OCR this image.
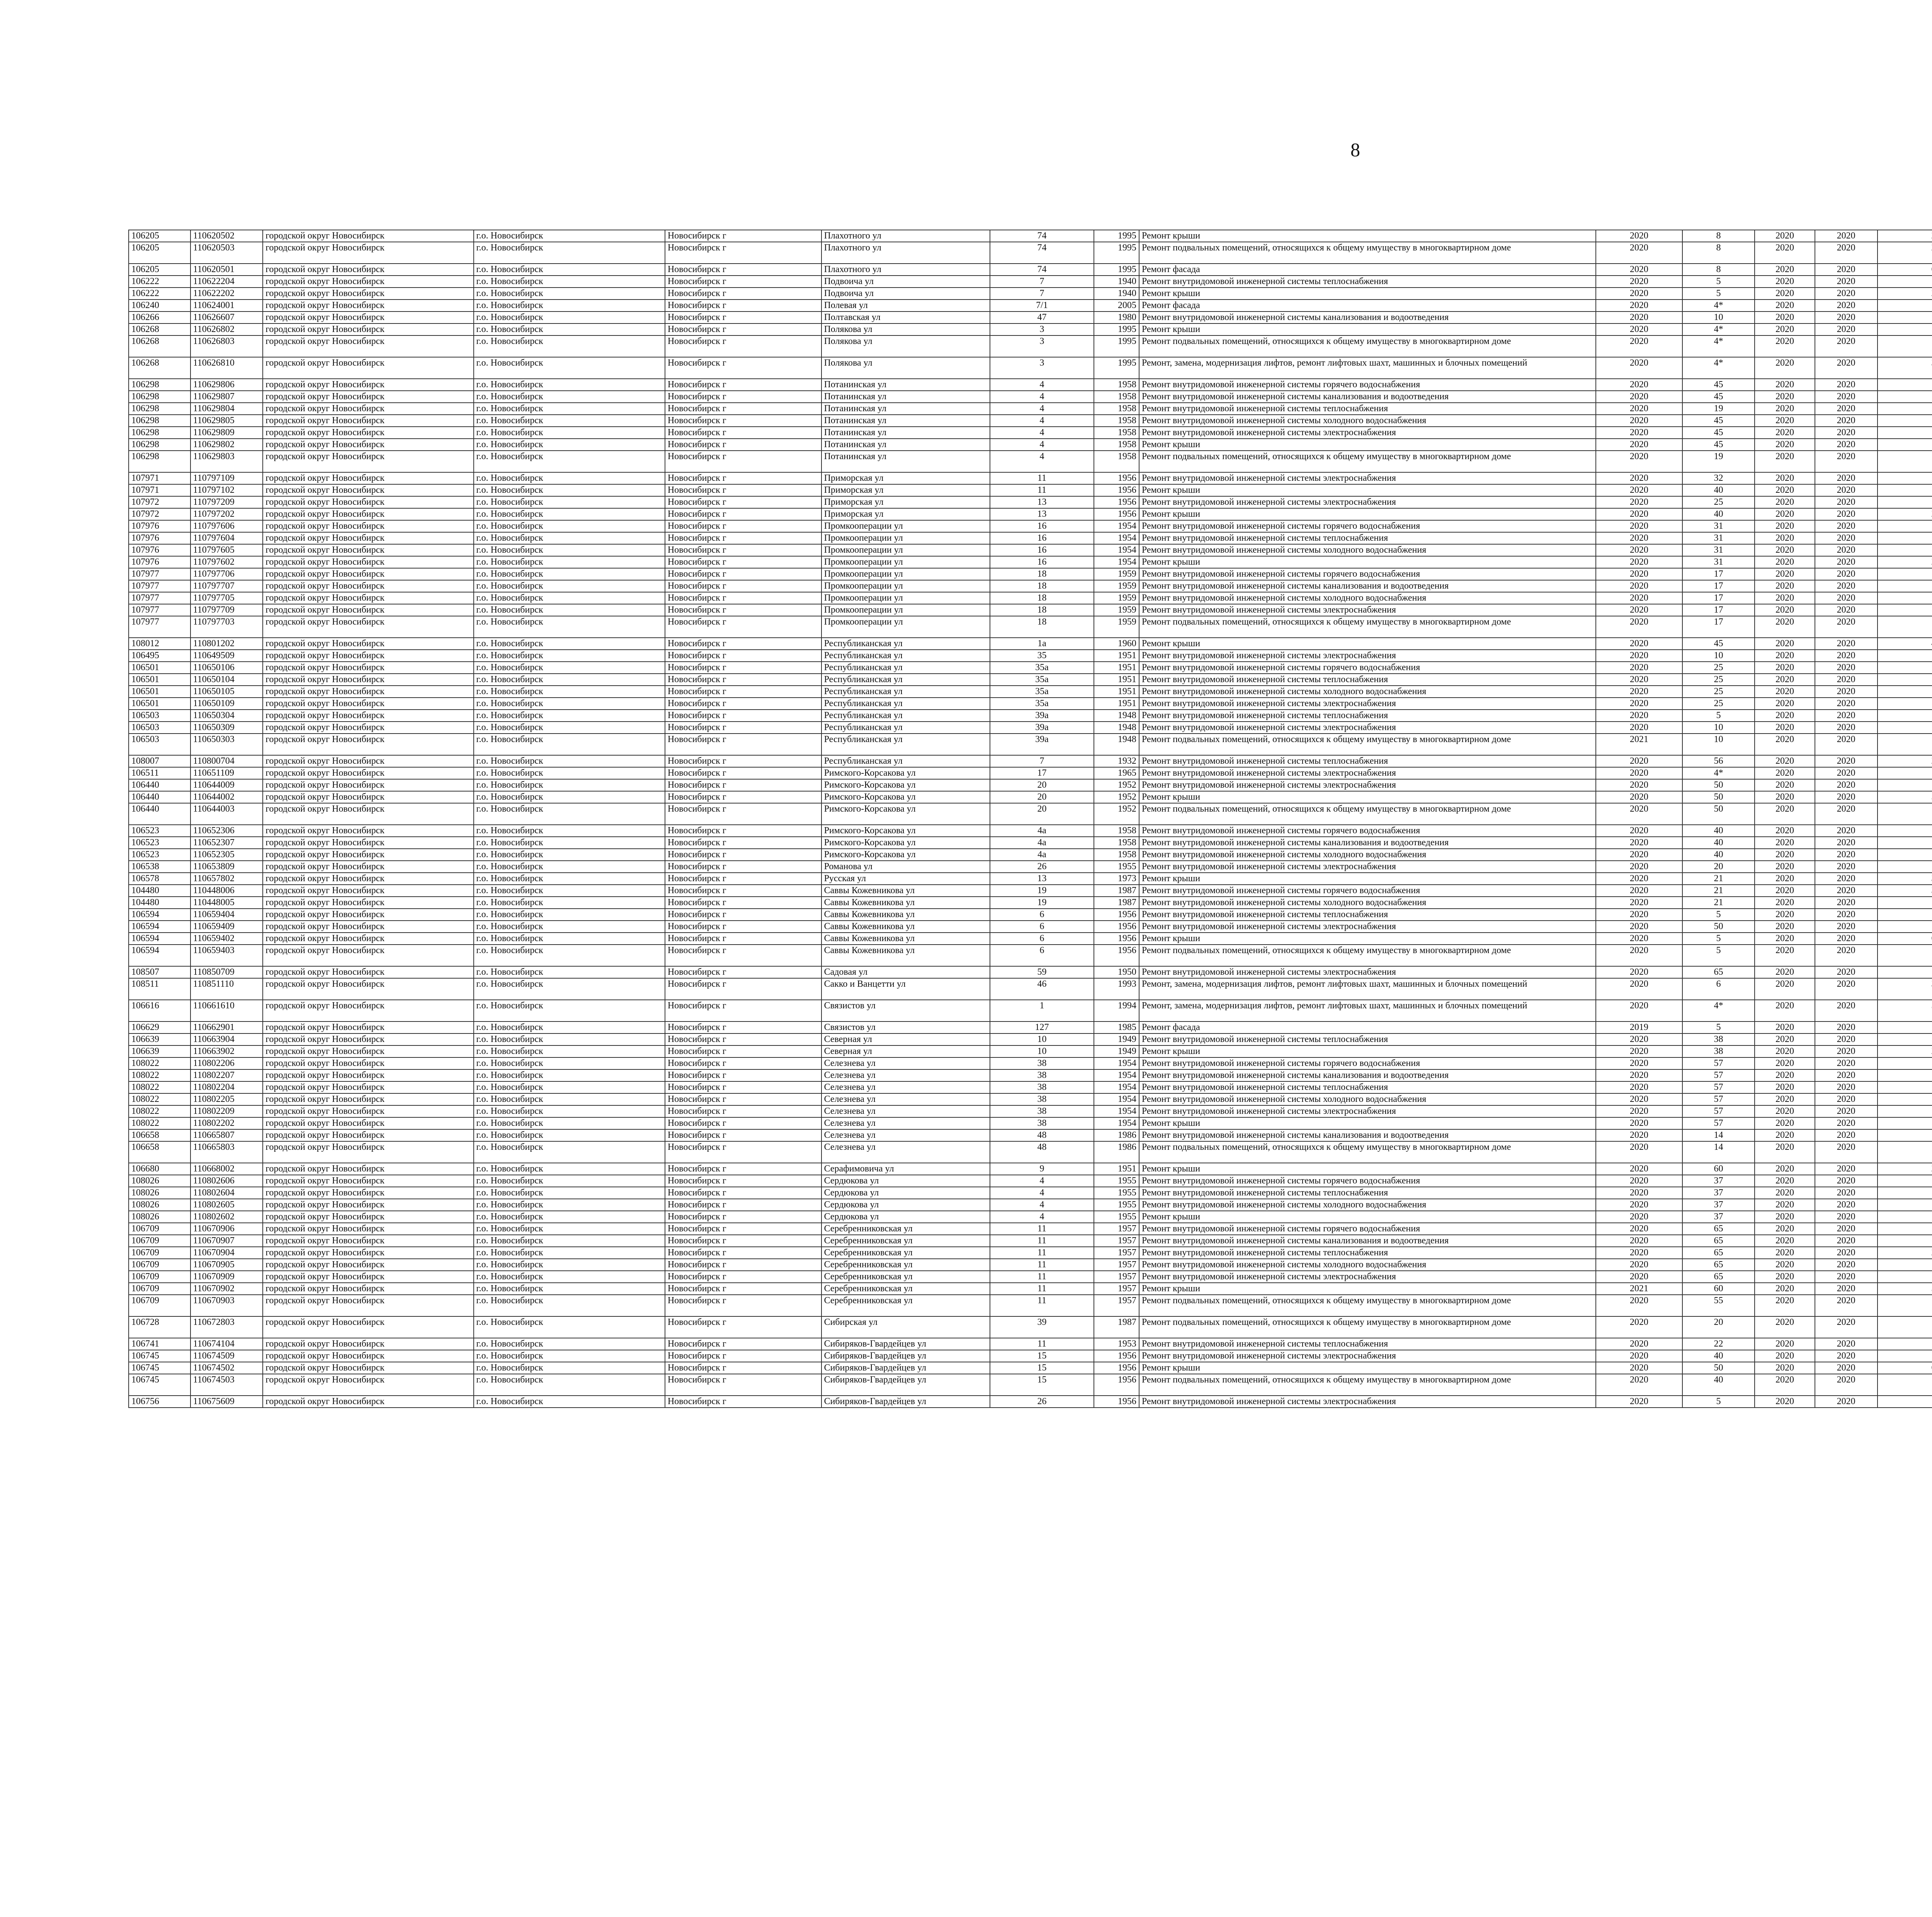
8
106205	110620502	городской округ Новосибирск	г.о. Новосибирск	Новосибирск г	Плахотного ул	74	1995	Ремонт крыши	2020	8	2020	2020							
106205	110620503	городской округ Новосибирск	г.о. Новосибирск	Новосибирск г	Плахотного ул	74	1995	Ремонт подвальных помещений, относящихся к общему имуществу в многоквартирном доме	2020	8	2020	2020							
106205	110620501	городской округ Новосибирск	г.о. Новосибирск	Новосибирск г	Плахотного ул	74	1995	Ремонт фасада	2020	8	2020	2020							
106222	110622204	городской округ Новосибирск	г.о. Новосибирск	Новосибирск г	Подвоича ул	7	1940	Ремонт внутридомовой инженерной системы теплоснабжения	2020	5	2020	2020							
106222	110622202	городской округ Новосибирск	г.о. Новосибирск	Новосибирск г	Подвоича ул	7	1940	Ремонт крыши	2020	5	2020	2020							
106240	110624001	городской округ Новосибирск	г.о. Новосибирск	Новосибирск г	Полевая ул	7/1	2005	Ремонт фасада	2020	4*	2020	2020							
106266	110626607	городской округ Новосибирск	г.о. Новосибирск	Новосибирск г	Полтавская ул	47	1980	Ремонт внутридомовой инженерной системы канализования и водоотведения	2020	10	2020	2020							
106268	110626802	городской округ Новосибирск	г.о. Новосибирск	Новосибирск г	Полякова ул	3	1995	Ремонт крыши	2020	4*	2020	2020							
106268	110626803	городской округ Новосибирск	г.о. Новосибирск	Новосибирск г	Полякова ул	3	1995	Ремонт подвальных помещений, относящихся к общему имуществу в многоквартирном доме	2020	4*	2020	2020							
106268	110626810	городской округ Новосибирск	г.о. Новосибирск	Новосибирск г	Полякова ул	3	1995	Ремонт, замена, модернизация лифтов, ремонт лифтовых шахт, машинных и блочных помещений	2020	4*	2020	2020							
106298	110629806	городской округ Новосибирск	г.о. Новосибирск	Новосибирск г	Потанинская ул	4	1958	Ремонт внутридомовой инженерной системы горячего водоснабжения	2020	45	2020	2020							
106298	110629807	городской округ Новосибирск	г.о. Новосибирск	Новосибирск г	Потанинская ул	4	1958	Ремонт внутридомовой инженерной системы канализования и водоотведения	2020	45	2020	2020							
106298	110629804	городской округ Новосибирск	г.о. Новосибирск	Новосибирск г	Потанинская ул	4	1958	Ремонт внутридомовой инженерной системы теплоснабжения	2020	19	2020	2020							
106298	110629805	городской округ Новосибирск	г.о. Новосибирск	Новосибирск г	Потанинская ул	4	1958	Ремонт внутридомовой инженерной системы холодного водоснабжения	2020	45	2020	2020							
106298	110629809	городской округ Новосибирск	г.о. Новосибирск	Новосибирск г	Потанинская ул	4	1958	Ремонт внутридомовой инженерной системы электроснабжения	2020	45	2020	2020							
106298	110629802	городской округ Новосибирск	г.о. Новосибирск	Новосибирск г	Потанинская ул	4	1958	Ремонт крыши	2020	45	2020	2020							
106298	110629803	городской округ Новосибирск	г.о. Новосибирск	Новосибирск г	Потанинская ул	4	1958	Ремонт подвальных помещений, относящихся к общему имуществу в многоквартирном доме	2020	19	2020	2020							
107971	110797109	городской округ Новосибирск	г.о. Новосибирск	Новосибирск г	Приморская ул	11	1956	Ремонт внутридомовой инженерной системы электроснабжения	2020	32	2020	2020							
107971	110797102	городской округ Новосибирск	г.о. Новосибирск	Новосибирск г	Приморская ул	11	1956	Ремонт крыши	2020	40	2020	2020							
107972	110797209	городской округ Новосибирск	г.о. Новосибирск	Новосибирск г	Приморская ул	13	1956	Ремонт внутридомовой инженерной системы электроснабжения	2020	25	2020	2020							
107972	110797202	городской округ Новосибирск	г.о. Новосибирск	Новосибирск г	Приморская ул	13	1956	Ремонт крыши	2020	40	2020	2020							
107976	110797606	городской округ Новосибирск	г.о. Новосибирск	Новосибирск г	Промкооперации ул	16	1954	Ремонт внутридомовой инженерной системы горячего водоснабжения	2020	31	2020	2020							
107976	110797604	городской округ Новосибирск	г.о. Новосибирск	Новосибирск г	Промкооперации ул	16	1954	Ремонт внутридомовой инженерной системы теплоснабжения	2020	31	2020	2020							
107976	110797605	городской округ Новосибирск	г.о. Новосибирск	Новосибирск г	Промкооперации ул	16	1954	Ремонт внутридомовой инженерной системы холодного водоснабжения	2020	31	2020	2020							
107976	110797602	городской округ Новосибирск	г.о. Новосибирск	Новосибирск г	Промкооперации ул	16	1954	Ремонт крыши	2020	31	2020	2020							
107977	110797706	городской округ Новосибирск	г.о. Новосибирск	Новосибирск г	Промкооперации ул	18	1959	Ремонт внутридомовой инженерной системы горячего водоснабжения	2020	17	2020	2020							
107977	110797707	городской округ Новосибирск	г.о. Новосибирск	Новосибирск г	Промкооперации ул	18	1959	Ремонт внутридомовой инженерной системы канализования и водоотведения	2020	17	2020	2020							
107977	110797705	городской округ Новосибирск	г.о. Новосибирск	Новосибирск г	Промкооперации ул	18	1959	Ремонт внутридомовой инженерной системы холодного водоснабжения	2020	17	2020	2020							
107977	110797709	городской округ Новосибирск	г.о. Новосибирск	Новосибирск г	Промкооперации ул	18	1959	Ремонт внутридомовой инженерной системы электроснабжения	2020	17	2020	2020							
107977	110797703	городской округ Новосибирск	г.о. Новосибирск	Новосибирск г	Промкооперации ул	18	1959	Ремонт подвальных помещений, относящихся к общему имуществу в многоквартирном доме	2020	17	2020	2020							
108012	110801202	городской округ Новосибирск	г.о. Новосибирск	Новосибирск г	Республиканская ул	1а	1960	Ремонт крыши	2020	45	2020	2020							
106495	110649509	городской округ Новосибирск	г.о. Новосибирск	Новосибирск г	Республиканская ул	35	1951	Ремонт внутридомовой инженерной системы электроснабжения	2020	10	2020	2020							
106501	110650106	городской округ Новосибирск	г.о. Новосибирск	Новосибирск г	Республиканская ул	35а	1951	Ремонт внутридомовой инженерной системы горячего водоснабжения	2020	25	2020	2020							
106501	110650104	городской округ Новосибирск	г.о. Новосибирск	Новосибирск г	Республиканская ул	35а	1951	Ремонт внутридомовой инженерной системы теплоснабжения	2020	25	2020	2020							
106501	110650105	городской округ Новосибирск	г.о. Новосибирск	Новосибирск г	Республиканская ул	35а	1951	Ремонт внутридомовой инженерной системы холодного водоснабжения	2020	25	2020	2020							
106501	110650109	городской округ Новосибирск	г.о. Новосибирск	Новосибирск г	Республиканская ул	35а	1951	Ремонт внутридомовой инженерной системы электроснабжения	2020	25	2020	2020							
106503	110650304	городской округ Новосибирск	г.о. Новосибирск	Новосибирск г	Республиканская ул	39а	1948	Ремонт внутридомовой инженерной системы теплоснабжения	2020	5	2020	2020							
106503	110650309	городской округ Новосибирск	г.о. Новосибирск	Новосибирск г	Республиканская ул	39а	1948	Ремонт внутридомовой инженерной системы электроснабжения	2020	10	2020	2020							
106503	110650303	городской округ Новосибирск	г.о. Новосибирск	Новосибирск г	Республиканская ул	39а	1948	Ремонт подвальных помещений, относящихся к общему имуществу в многоквартирном доме	2021	10	2020	2020							
108007	110800704	городской округ Новосибирск	г.о. Новосибирск	Новосибирск г	Республиканская ул	7	1932	Ремонт внутридомовой инженерной системы теплоснабжения	2020	56	2020	2020							
106511	110651109	городской округ Новосибирск	г.о. Новосибирск	Новосибирск г	Римского-Корсакова ул	17	1965	Ремонт внутридомовой инженерной системы электроснабжения	2020	4*	2020	2020							
106440	110644009	городской округ Новосибирск	г.о. Новосибирск	Новосибирск г	Римского-Корсакова ул	20	1952	Ремонт внутридомовой инженерной системы электроснабжения	2020	50	2020	2020							
106440	110644002	городской округ Новосибирск	г.о. Новосибирск	Новосибирск г	Римского-Корсакова ул	20	1952	Ремонт крыши	2020	50	2020	2020							
106440	110644003	городской округ Новосибирск	г.о. Новосибирск	Новосибирск г	Римского-Корсакова ул	20	1952	Ремонт подвальных помещений, относящихся к общему имуществу в многоквартирном доме	2020	50	2020	2020							
106523	110652306	городской округ Новосибирск	г.о. Новосибирск	Новосибирск г	Римского-Корсакова ул	4а	1958	Ремонт внутридомовой инженерной системы горячего водоснабжения	2020	40	2020	2020							
106523	110652307	городской округ Новосибирск	г.о. Новосибирск	Новосибирск г	Римского-Корсакова ул	4а	1958	Ремонт внутридомовой инженерной системы канализования и водоотведения	2020	40	2020	2020							
106523	110652305	городской округ Новосибирск	г.о. Новосибирск	Новосибирск г	Римского-Корсакова ул	4а	1958	Ремонт внутридомовой инженерной системы холодного водоснабжения	2020	40	2020	2020							
106538	110653809	городской округ Новосибирск	г.о. Новосибирск	Новосибирск г	Романова ул	26	1955	Ремонт внутридомовой инженерной системы электроснабжения	2020	20	2020	2020							
106578	110657802	городской округ Новосибирск	г.о. Новосибирск	Новосибирск г	Русская ул	13	1973	Ремонт крыши	2020	21	2020	2020							
104480	110448006	городской округ Новосибирск	г.о. Новосибирск	Новосибирск г	Саввы Кожевникова ул	19	1987	Ремонт внутридомовой инженерной системы горячего водоснабжения	2020	21	2020	2020							
104480	110448005	городской округ Новосибирск	г.о. Новосибирск	Новосибирск г	Саввы Кожевникова ул	19	1987	Ремонт внутридомовой инженерной системы холодного водоснабжения	2020	21	2020	2020							
106594	110659404	городской округ Новосибирск	г.о. Новосибирск	Новосибирск г	Саввы Кожевникова ул	6	1956	Ремонт внутридомовой инженерной системы теплоснабжения	2020	5	2020	2020							
106594	110659409	городской округ Новосибирск	г.о. Новосибирск	Новосибирск г	Саввы Кожевникова ул	6	1956	Ремонт внутридомовой инженерной системы электроснабжения	2020	50	2020	2020							
106594	110659402	городской округ Новосибирск	г.о. Новосибирск	Новосибирск г	Саввы Кожевникова ул	6	1956	Ремонт крыши	2020	5	2020	2020							
106594	110659403	городской округ Новосибирск	г.о. Новосибирск	Новосибирск г	Саввы Кожевникова ул	6	1956	Ремонт подвальных помещений, относящихся к общему имуществу в многоквартирном доме	2020	5	2020	2020							
108507	110850709	городской округ Новосибирск	г.о. Новосибирск	Новосибирск г	Садовая ул	59	1950	Ремонт внутридомовой инженерной системы электроснабжения	2020	65	2020	2020							
108511	110851110	городской округ Новосибирск	г.о. Новосибирск	Новосибирск г	Сакко и Ванцетти ул	46	1993	Ремонт, замена, модернизация лифтов, ремонт лифтовых шахт, машинных и блочных помещений	2020	6	2020	2020							
106616	110661610	городской округ Новосибирск	г.о. Новосибирск	Новосибирск г	Связистов ул	1	1994	Ремонт, замена, модернизация лифтов, ремонт лифтовых шахт, машинных и блочных помещений	2020	4*	2020	2020							
106629	110662901	городской округ Новосибирск	г.о. Новосибирск	Новосибирск г	Связистов ул	127	1985	Ремонт фасада	2019	5	2020	2020							
106639	110663904	городской округ Новосибирск	г.о. Новосибирск	Новосибирск г	Северная ул	10	1949	Ремонт внутридомовой инженерной системы теплоснабжения	2020	38	2020	2020							
106639	110663902	городской округ Новосибирск	г.о. Новосибирск	Новосибирск г	Северная ул	10	1949	Ремонт крыши	2020	38	2020	2020							
108022	110802206	городской округ Новосибирск	г.о. Новосибирск	Новосибирск г	Селезнева ул	38	1954	Ремонт внутридомовой инженерной системы горячего водоснабжения	2020	57	2020	2020							
108022	110802207	городской округ Новосибирск	г.о. Новосибирск	Новосибирск г	Селезнева ул	38	1954	Ремонт внутридомовой инженерной системы канализования и водоотведения	2020	57	2020	2020							
108022	110802204	городской округ Новосибирск	г.о. Новосибирск	Новосибирск г	Селезнева ул	38	1954	Ремонт внутридомовой инженерной системы теплоснабжения	2020	57	2020	2020							
108022	110802205	городской округ Новосибирск	г.о. Новосибирск	Новосибирск г	Селезнева ул	38	1954	Ремонт внутридомовой инженерной системы холодного водоснабжения	2020	57	2020	2020							
108022	110802209	городской округ Новосибирск	г.о. Новосибирск	Новосибирск г	Селезнева ул	38	1954	Ремонт внутридомовой инженерной системы электроснабжения	2020	57	2020	2020							
108022	110802202	городской округ Новосибирск	г.о. Новосибирск	Новосибирск г	Селезнева ул	38	1954	Ремонт крыши	2020	57	2020	2020							
106658	110665807	городской округ Новосибирск	г.о. Новосибирск	Новосибирск г	Селезнева ул	48	1986	Ремонт внутридомовой инженерной системы канализования и водоотведения	2020	14	2020	2020							
106658	110665803	городской округ Новосибирск	г.о. Новосибирск	Новосибирск г	Селезнева ул	48	1986	Ремонт подвальных помещений, относящихся к общему имуществу в многоквартирном доме	2020	14	2020	2020							
106680	110668002	городской округ Новосибирск	г.о. Новосибирск	Новосибирск г	Серафимовича ул	9	1951	Ремонт крыши	2020	60	2020	2020							
108026	110802606	городской округ Новосибирск	г.о. Новосибирск	Новосибирск г	Сердюкова ул	4	1955	Ремонт внутридомовой инженерной системы горячего водоснабжения	2020	37	2020	2020							
108026	110802604	городской округ Новосибирск	г.о. Новосибирск	Новосибирск г	Сердюкова ул	4	1955	Ремонт внутридомовой инженерной системы теплоснабжения	2020	37	2020	2020							
108026	110802605	городской округ Новосибирск	г.о. Новосибирск	Новосибирск г	Сердюкова ул	4	1955	Ремонт внутридомовой инженерной системы холодного водоснабжения	2020	37	2020	2020							
108026	110802602	городской округ Новосибирск	г.о. Новосибирск	Новосибирск г	Сердюкова ул	4	1955	Ремонт крыши	2020	37	2020	2020							
106709	110670906	городской округ Новосибирск	г.о. Новосибирск	Новосибирск г	Серебренниковская ул	11	1957	Ремонт внутридомовой инженерной системы горячего водоснабжения	2020	65	2020	2020							
106709	110670907	городской округ Новосибирск	г.о. Новосибирск	Новосибирск г	Серебренниковская ул	11	1957	Ремонт внутридомовой инженерной системы канализования и водоотведения	2020	65	2020	2020							
106709	110670904	городской округ Новосибирск	г.о. Новосибирск	Новосибирск г	Серебренниковская ул	11	1957	Ремонт внутридомовой инженерной системы теплоснабжения	2020	65	2020	2020							
106709	110670905	городской округ Новосибирск	г.о. Новосибирск	Новосибирск г	Серебренниковская ул	11	1957	Ремонт внутридомовой инженерной системы холодного водоснабжения	2020	65	2020	2020							
106709	110670909	городской округ Новосибирск	г.о. Новосибирск	Новосибирск г	Серебренниковская ул	11	1957	Ремонт внутридомовой инженерной системы электроснабжения	2020	65	2020	2020							
106709	110670902	городской округ Новосибирск	г.о. Новосибирск	Новосибирск г	Серебренниковская ул	11	1957	Ремонт крыши	2021	60	2020	2020							
106709	110670903	городской округ Новосибирск	г.о. Новосибирск	Новосибирск г	Серебренниковская ул	11	1957	Ремонт подвальных помещений, относящихся к общему имуществу в многоквартирном доме	2020	55	2020	2020							
106728	110672803	городской округ Новосибирск	г.о. Новосибирск	Новосибирск г	Сибирская ул	39	1987	Ремонт подвальных помещений, относящихся к общему имуществу в многоквартирном доме	2020	20	2020	2020							
106741	110674104	городской округ Новосибирск	г.о. Новосибирск	Новосибирск г	Сибиряков-Гвардейцев ул	11	1953	Ремонт внутридомовой инженерной системы теплоснабжения	2020	22	2020	2020							
106745	110674509	городской округ Новосибирск	г.о. Новосибирск	Новосибирск г	Сибиряков-Гвардейцев ул	15	1956	Ремонт внутридомовой инженерной системы электроснабжения	2020	40	2020	2020							
106745	110674502	городской округ Новосибирск	г.о. Новосибирск	Новосибирск г	Сибиряков-Гвардейцев ул	15	1956	Ремонт крыши	2020	50	2020	2020							
106745	110674503	городской округ Новосибирск	г.о. Новосибирск	Новосибирск г	Сибиряков-Гвардейцев ул	15	1956	Ремонт подвальных помещений, относящихся к общему имуществу в многоквартирном доме	2020	40	2020	2020							
106756	110675609	городской округ Новосибирск	г.о. Новосибирск	Новосибирск г	Сибиряков-Гвардейцев ул	26	1956	Ремонт внутридомовой инженерной системы электроснабжения	2020	5	2020	2020							
